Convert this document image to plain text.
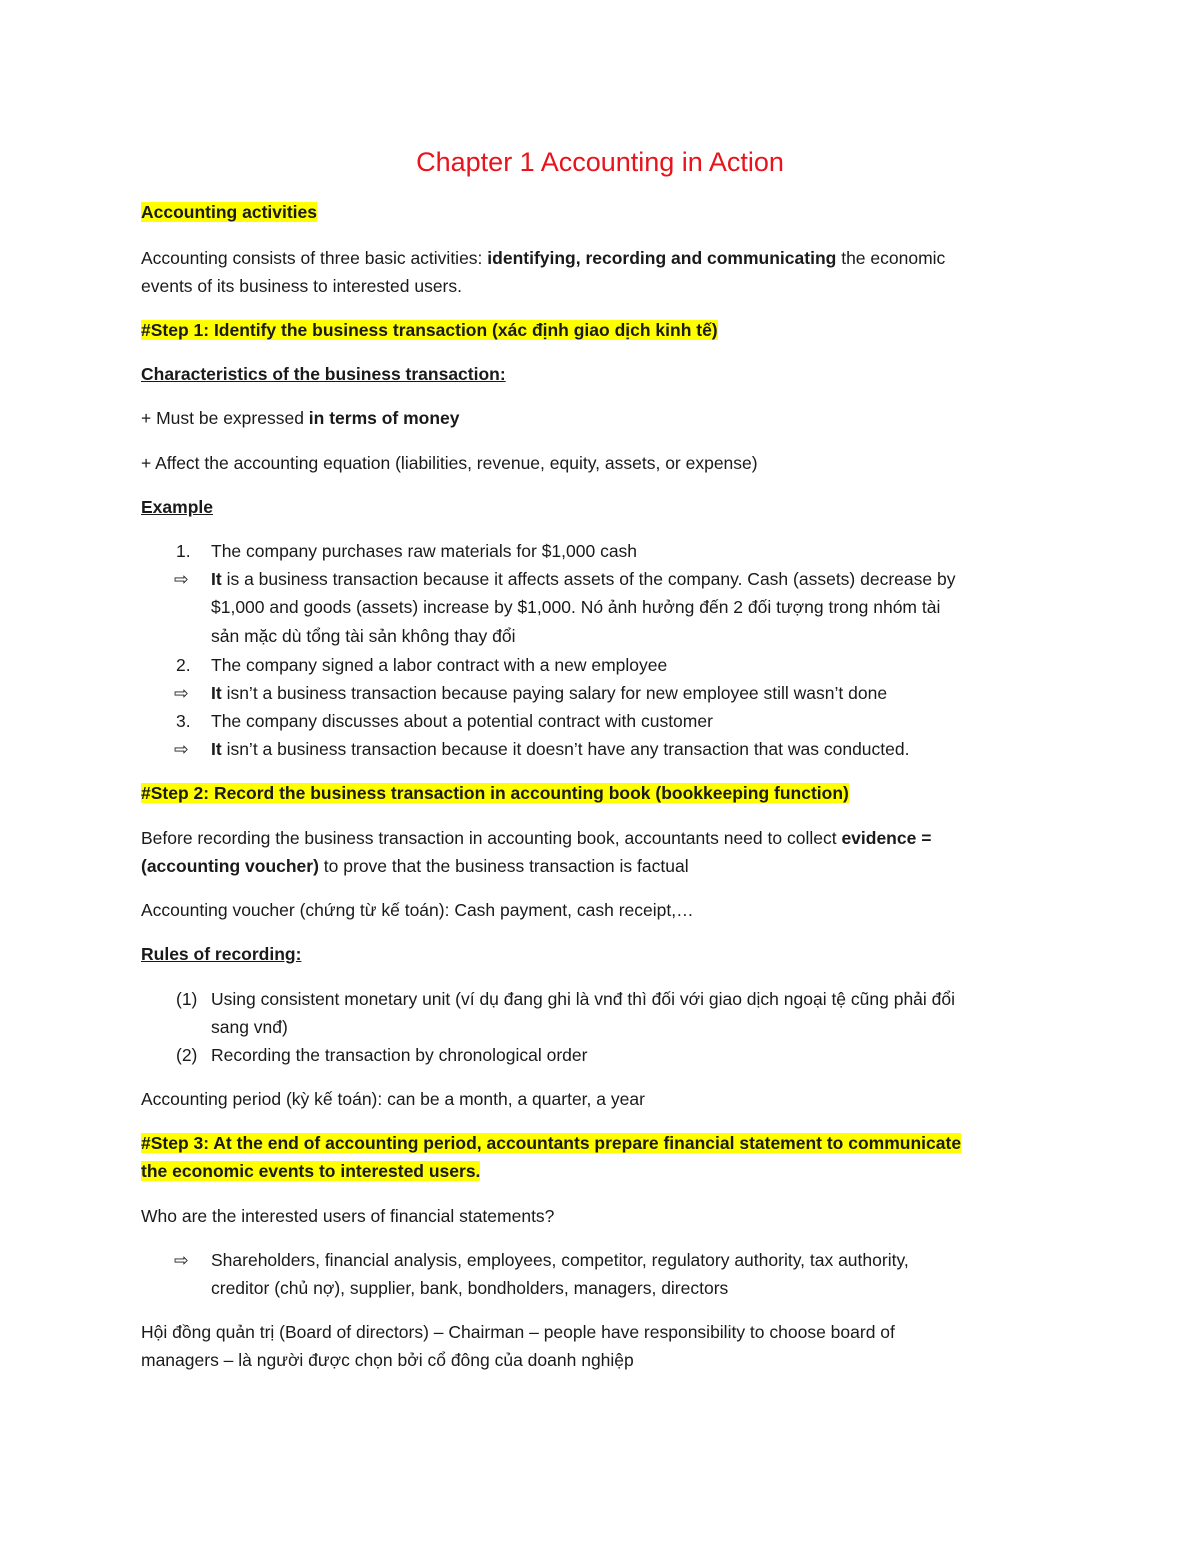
Chapter 1 Accounting in Action
Accounting activities
Accounting consists of three basic activities: identifying, recording and communicating the economic
events of its business to interested users.
#Step 1: Identify the business transaction (xác định giao dịch kinh tế)
Characteristics of the business transaction:
+ Must be expressed in terms of money
+ Affect the accounting equation (liabilities, revenue, equity, assets, or expense)
Example
1. The company purchases raw materials for $1,000 cash
⇨ It is a business transaction because it affects assets of the company. Cash (assets) decrease by
$1,000 and goods (assets) increase by $1,000. Nó ảnh hưởng đến 2 đối tượng trong nhóm tài
sản mặc dù tổng tài sản không thay đổi
2. The company signed a labor contract with a new employee
⇨ It isn’t a business transaction because paying salary for new employee still wasn’t done
3. The company discusses about a potential contract with customer
⇨ It isn’t a business transaction because it doesn’t have any transaction that was conducted.
#Step 2: Record the business transaction in accounting book (bookkeeping function)
Before recording the business transaction in accounting book, accountants need to collect evidence =
(accounting voucher) to prove that the business transaction is factual
Accounting voucher (chứng từ kế toán): Cash payment, cash receipt,…
Rules of recording:
(1) Using consistent monetary unit (ví dụ đang ghi là vnđ thì đối với giao dịch ngoại tệ cũng phải đổi
sang vnđ)
(2) Recording the transaction by chronological order
Accounting period (kỳ kế toán): can be a month, a quarter, a year
#Step 3: At the end of accounting period, accountants prepare financial statement to communicate
the economic events to interested users.
Who are the interested users of financial statements?
⇨ Shareholders, financial analysis, employees, competitor, regulatory authority, tax authority,
creditor (chủ nợ), supplier, bank, bondholders, managers, directors
Hội đồng quản trị (Board of directors) – Chairman – people have responsibility to choose board of
managers – là người được chọn bởi cổ đông của doanh nghiệp
